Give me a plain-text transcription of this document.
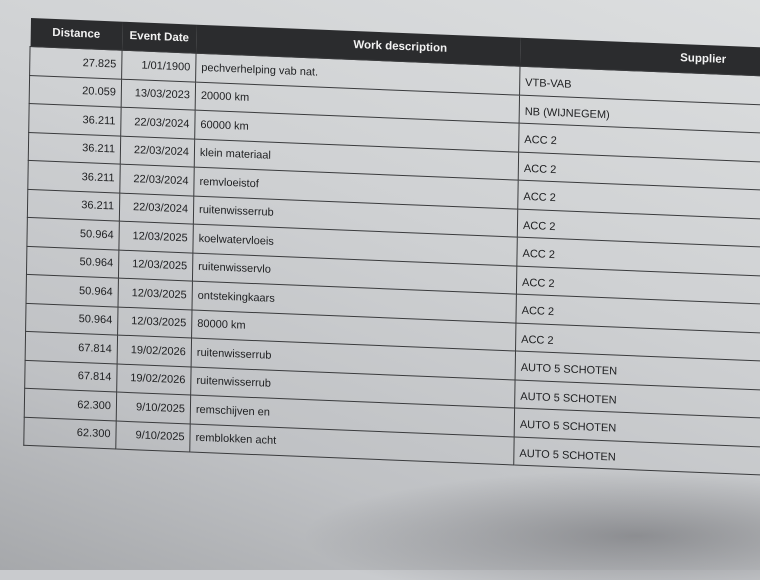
Distance	Event Date	Work description	Supplier
27.825	1/01/1900	pechverhelping vab nat.	VTB-VAB
20.059	13/03/2023	20000 km	NB (WIJNEGEM)
36.211	22/03/2024	60000 km	ACC 2
36.211	22/03/2024	klein materiaal	ACC 2
36.211	22/03/2024	remvloeistof	ACC 2
36.211	22/03/2024	ruitenwisserrub	ACC 2
50.964	12/03/2025	koelwatervloeis	ACC 2
50.964	12/03/2025	ruitenwisservlo	ACC 2
50.964	12/03/2025	ontstekingkaars	ACC 2
50.964	12/03/2025	80000 km	ACC 2
67.814	19/02/2026	ruitenwisserrub	AUTO 5 SCHOTEN
67.814	19/02/2026	ruitenwisserrub	AUTO 5 SCHOTEN
62.300	9/10/2025	remschijven en	AUTO 5 SCHOTEN
62.300	9/10/2025	remblokken acht	AUTO 5 SCHOTEN
